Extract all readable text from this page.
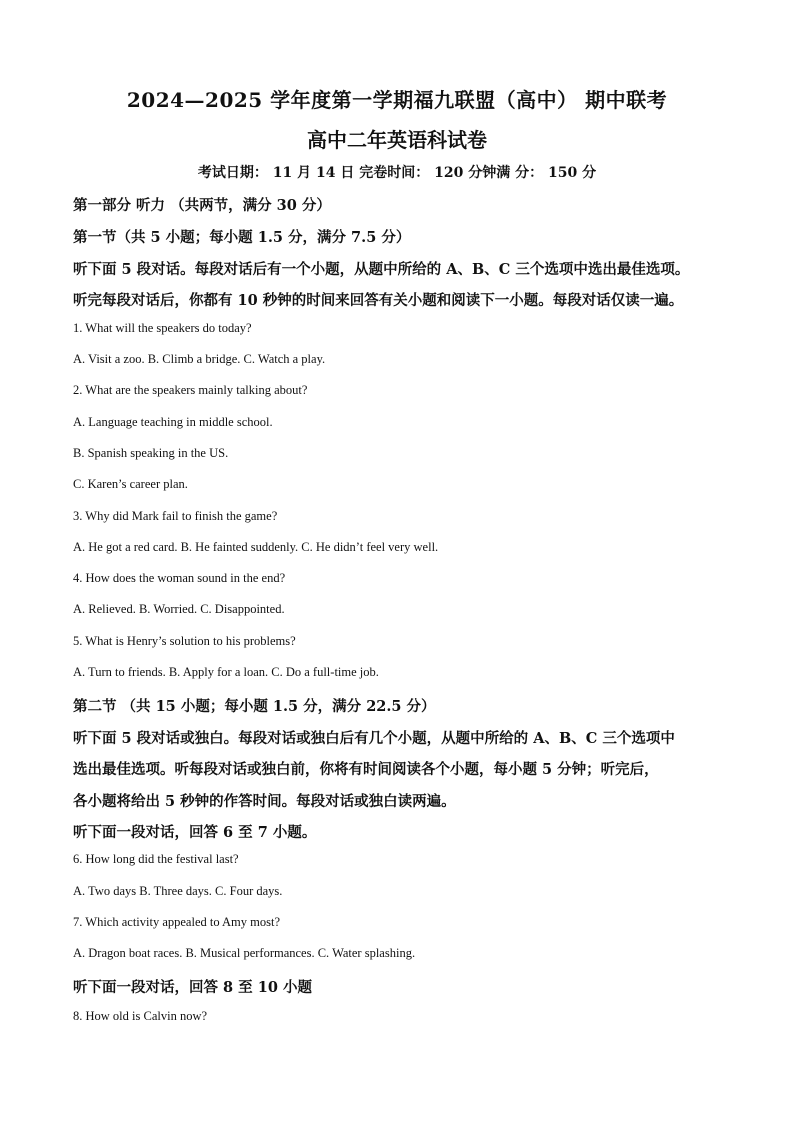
2024—2025 学年度第一学期福九联盟（高中） 期中联考
高中二年英语科试卷
考试日期： 11 月 14 日 完卷时间： 120 分钟满 分： 150 分
第一部分 听力 （共两节，满分 30 分）
第一节（共 5 小题；每小题 1.5 分，满分 7.5 分）
听下面 5 段对话。每段对话后有一个小题，从题中所给的 A、B、C 三个选项中选出最佳选项。
听完每段对话后，你都有 10 秒钟的时间来回答有关小题和阅读下一小题。每段对话仅读一遍。
1. What will the speakers do today?
A. Visit a zoo. B. Climb a bridge. C. Watch a play.
2. What are the speakers mainly talking about?
A. Language teaching in middle school.
B. Spanish speaking in the US.
C. Karen’s career plan.
3. Why did Mark fail to finish the game?
A. He got a red card. B. He fainted suddenly. C. He didn’t feel very well.
4. How does the woman sound in the end?
A. Relieved. B. Worried. C. Disappointed.
5. What is Henry’s solution to his problems?
A. Turn to friends. B. Apply for a loan. C. Do a full-time job.
第二节 （共 15 小题；每小题 1.5 分，满分 22.5 分）
听下面 5 段对话或独白。每段对话或独白后有几个小题，从题中所给的 A、B、C 三个选项中
选出最佳选项。听每段对话或独白前，你将有时间阅读各个小题，每小题 5 分钟；听完后，
各小题将给出 5 秒钟的作答时间。每段对话或独白读两遍。
听下面一段对话，回答 6 至 7 小题。
6. How long did the festival last?
A. Two days B. Three days. C. Four days.
7. Which activity appealed to Amy most?
A. Dragon boat races. B. Musical performances. C. Water splashing.
听下面一段对话，回答 8 至 10 小题
8. How old is Calvin now?
